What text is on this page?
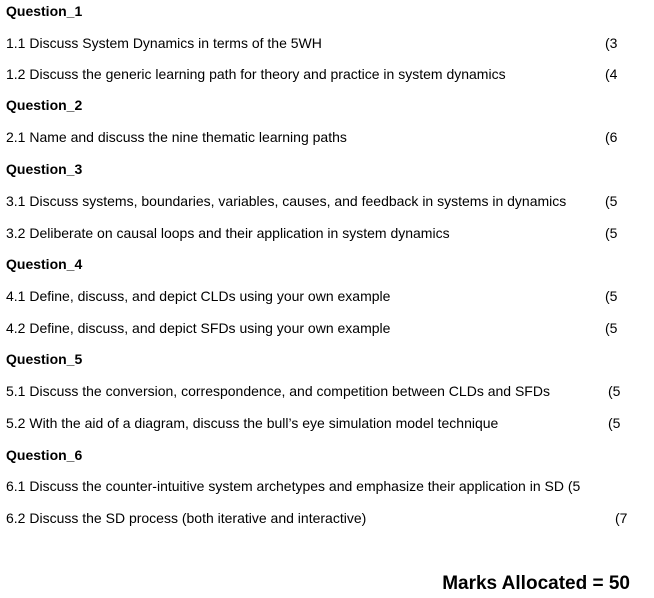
Question_1
1.1 Discuss System Dynamics in terms of the 5WH	(3
1.2 Discuss the generic learning path for theory and practice in system dynamics	(4
Question_2
2.1 Name and discuss the nine thematic learning paths	(6
Question_3
3.1 Discuss systems, boundaries, variables, causes, and feedback in systems in dynamics	(5
3.2 Deliberate on causal loops and their application in system dynamics	(5
Question_4
4.1 Define, discuss, and depict CLDs using your own example	(5
4.2 Define, discuss, and depict SFDs using your own example	(5
Question_5
5.1 Discuss the conversion, correspondence, and competition between CLDs and SFDs	(5
5.2 With the aid of a diagram, discuss the bull’s eye simulation model technique	(5
Question_6
6.1 Discuss the counter-intuitive system archetypes and emphasize their application in SD (5
6.2 Discuss the SD process (both iterative and interactive)	(7
Marks Allocated = 50
